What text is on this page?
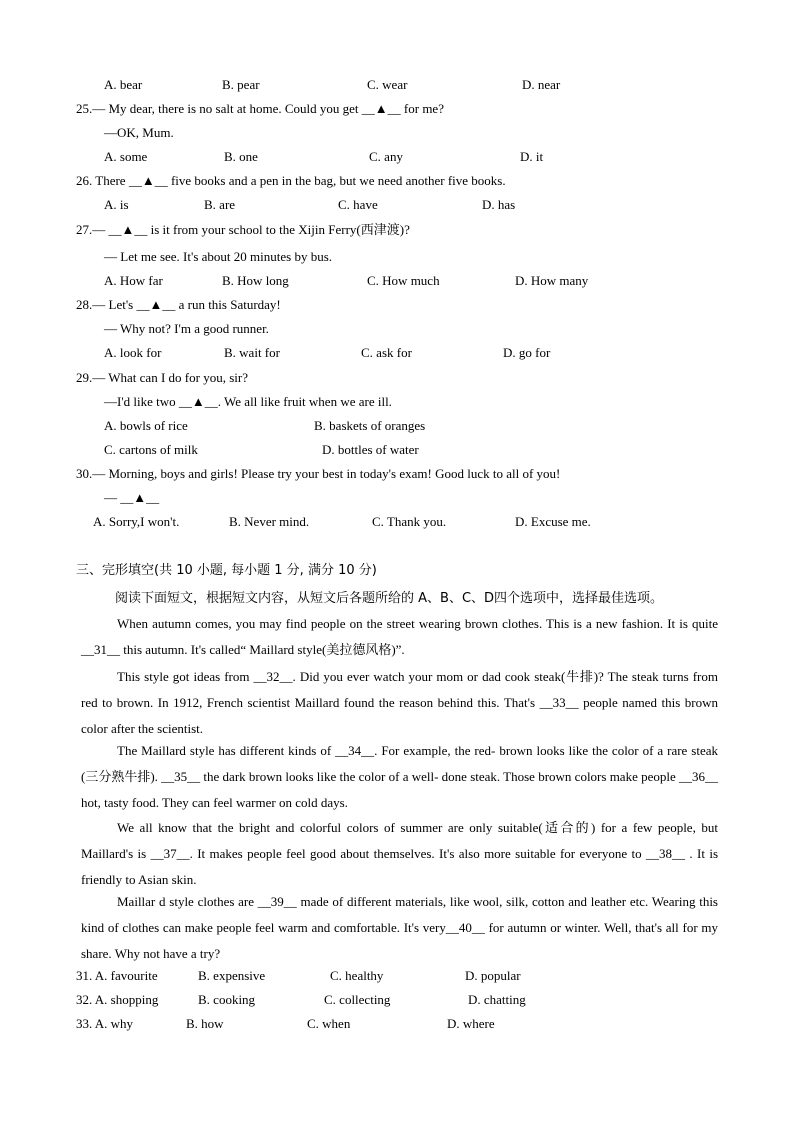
A. bear	B. pear	C. wear	D. near
25.— My dear, there is no salt at home. Could you get __▲__ for me?
—OK, Mum.
A. some	B. one	C. any	D. it
26. There __▲__ five books and a pen in the bag, but we need another five books.
A. is	B. are	C. have	D. has
27.— __▲__ is it from your school to the Xijin Ferry(西津渡)?
— Let me see. It's about 20 minutes by bus.
A. How far	B. How long	C. How much	D. How many
28.— Let's __▲__ a run this Saturday!
— Why not? I'm a good runner.
A. look for	B. wait for	C. ask for	D. go for
29.— What can I do for you, sir?
—I'd like two __▲__. We all like fruit when we are ill.
A. bowls of rice	B. baskets of oranges
C. cartons of milk	D. bottles of water
30.— Morning, boys and girls! Please try your best in today's exam! Good luck to all of you!
— __▲__
A. Sorry,I won't.	B. Never mind.	C. Thank you.	D. Excuse me.
三、完形填空(共 10 小题, 每小题 1 分, 满分 10 分)
阅读下面短文，根据短文内容，从短文后各题所给的 A、B、C、D四个选项中，选择最佳选项。
When autumn comes, you may find people on the street wearing brown clothes. This is a new fashion. It is quite __31__ this autumn. It's called“ Maillard style(美拉德风格)”.
This style got ideas from __32__. Did you ever watch your mom or dad cook steak(牛排)? The steak turns from red to brown. In 1912, French scientist Maillard found the reason behind this. That's __33__ people named this brown color after the scientist.
The Maillard style has different kinds of __34__. For example, the red- brown looks like the color of a rare steak (三分熟牛排). __35__ the dark brown looks like the color of a well- done steak. Those brown colors make people __36__ hot, tasty food. They can feel warmer on cold days.
We all know that the bright and colorful colors of summer are only suitable(适合的) for a few people, but Maillard's is __37__. It makes people feel good about themselves. It's also more suitable for everyone to __38__ . It is friendly to Asian skin.
Maillar d style clothes are __39__ made of different materials, like wool, silk, cotton and leather etc. Wearing this kind of clothes can make people feel warm and comfortable. It's very__40__ for autumn or winter. Well, that's all for my share. Why not have a try?
31. A. favourite	B. expensive	C. healthy	D. popular
32. A. shopping	B. cooking	C. collecting	D. chatting
33. A. why	B. how	C. when	D. where
